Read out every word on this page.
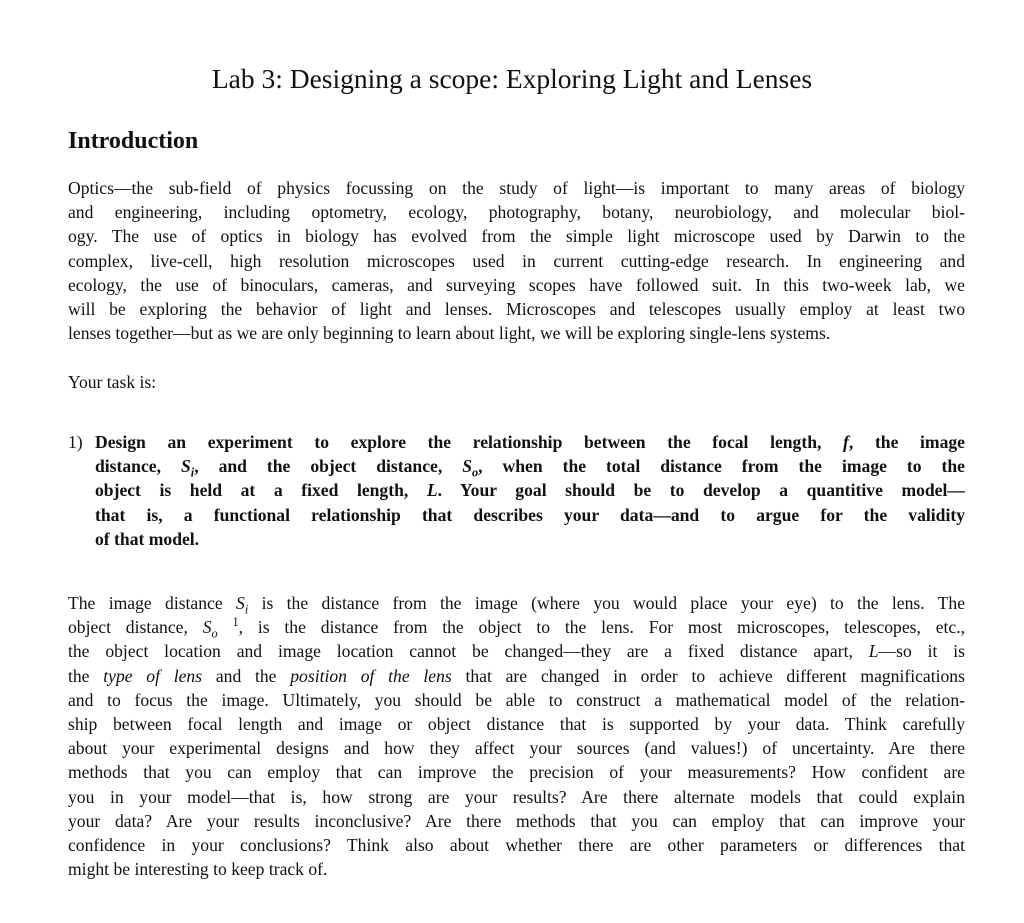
Lab 3: Designing a scope: Exploring Light and Lenses
Introduction
Optics—the sub-field of physics focussing on the study of light—is important to many areas of biology
and engineering, including optometry, ecology, photography, botany, neurobiology, and molecular biol-
ogy. The use of optics in biology has evolved from the simple light microscope used by Darwin to the
complex, live-cell, high resolution microscopes used in current cutting-edge research. In engineering and
ecology, the use of binoculars, cameras, and surveying scopes have followed suit. In this two-week lab, we
will be exploring the behavior of light and lenses. Microscopes and telescopes usually employ at least two
lenses together—but as we are only beginning to learn about light, we will be exploring single-lens systems.
Your task is:
1) Design an experiment to explore the relationship between the focal length, f, the image
distance, $S_i$, and the object distance, $S_o$, when the total distance from the image to the
object is held at a fixed length, L. Your goal should be to develop a quantitive model—
that is, a functional relationship that describes your data—and to argue for the validity
of that model.
The image distance $S_i$ is the distance from the image (where you would place your eye) to the lens. The
object distance, $S_o$ $^1$, is the distance from the object to the lens. For most microscopes, telescopes, etc.,
the object location and image location cannot be changed—they are a fixed distance apart, L—so it is
the type of lens and the position of the lens that are changed in order to achieve different magnifications
and to focus the image. Ultimately, you should be able to construct a mathematical model of the relation-
ship between focal length and image or object distance that is supported by your data. Think carefully
about your experimental designs and how they affect your sources (and values!) of uncertainty. Are there
methods that you can employ that can improve the precision of your measurements? How confident are
you in your model—that is, how strong are your results? Are there alternate models that could explain
your data? Are your results inconclusive? Are there methods that you can employ that can improve your
confidence in your conclusions? Think also about whether there are other parameters or differences that
might be interesting to keep track of.
